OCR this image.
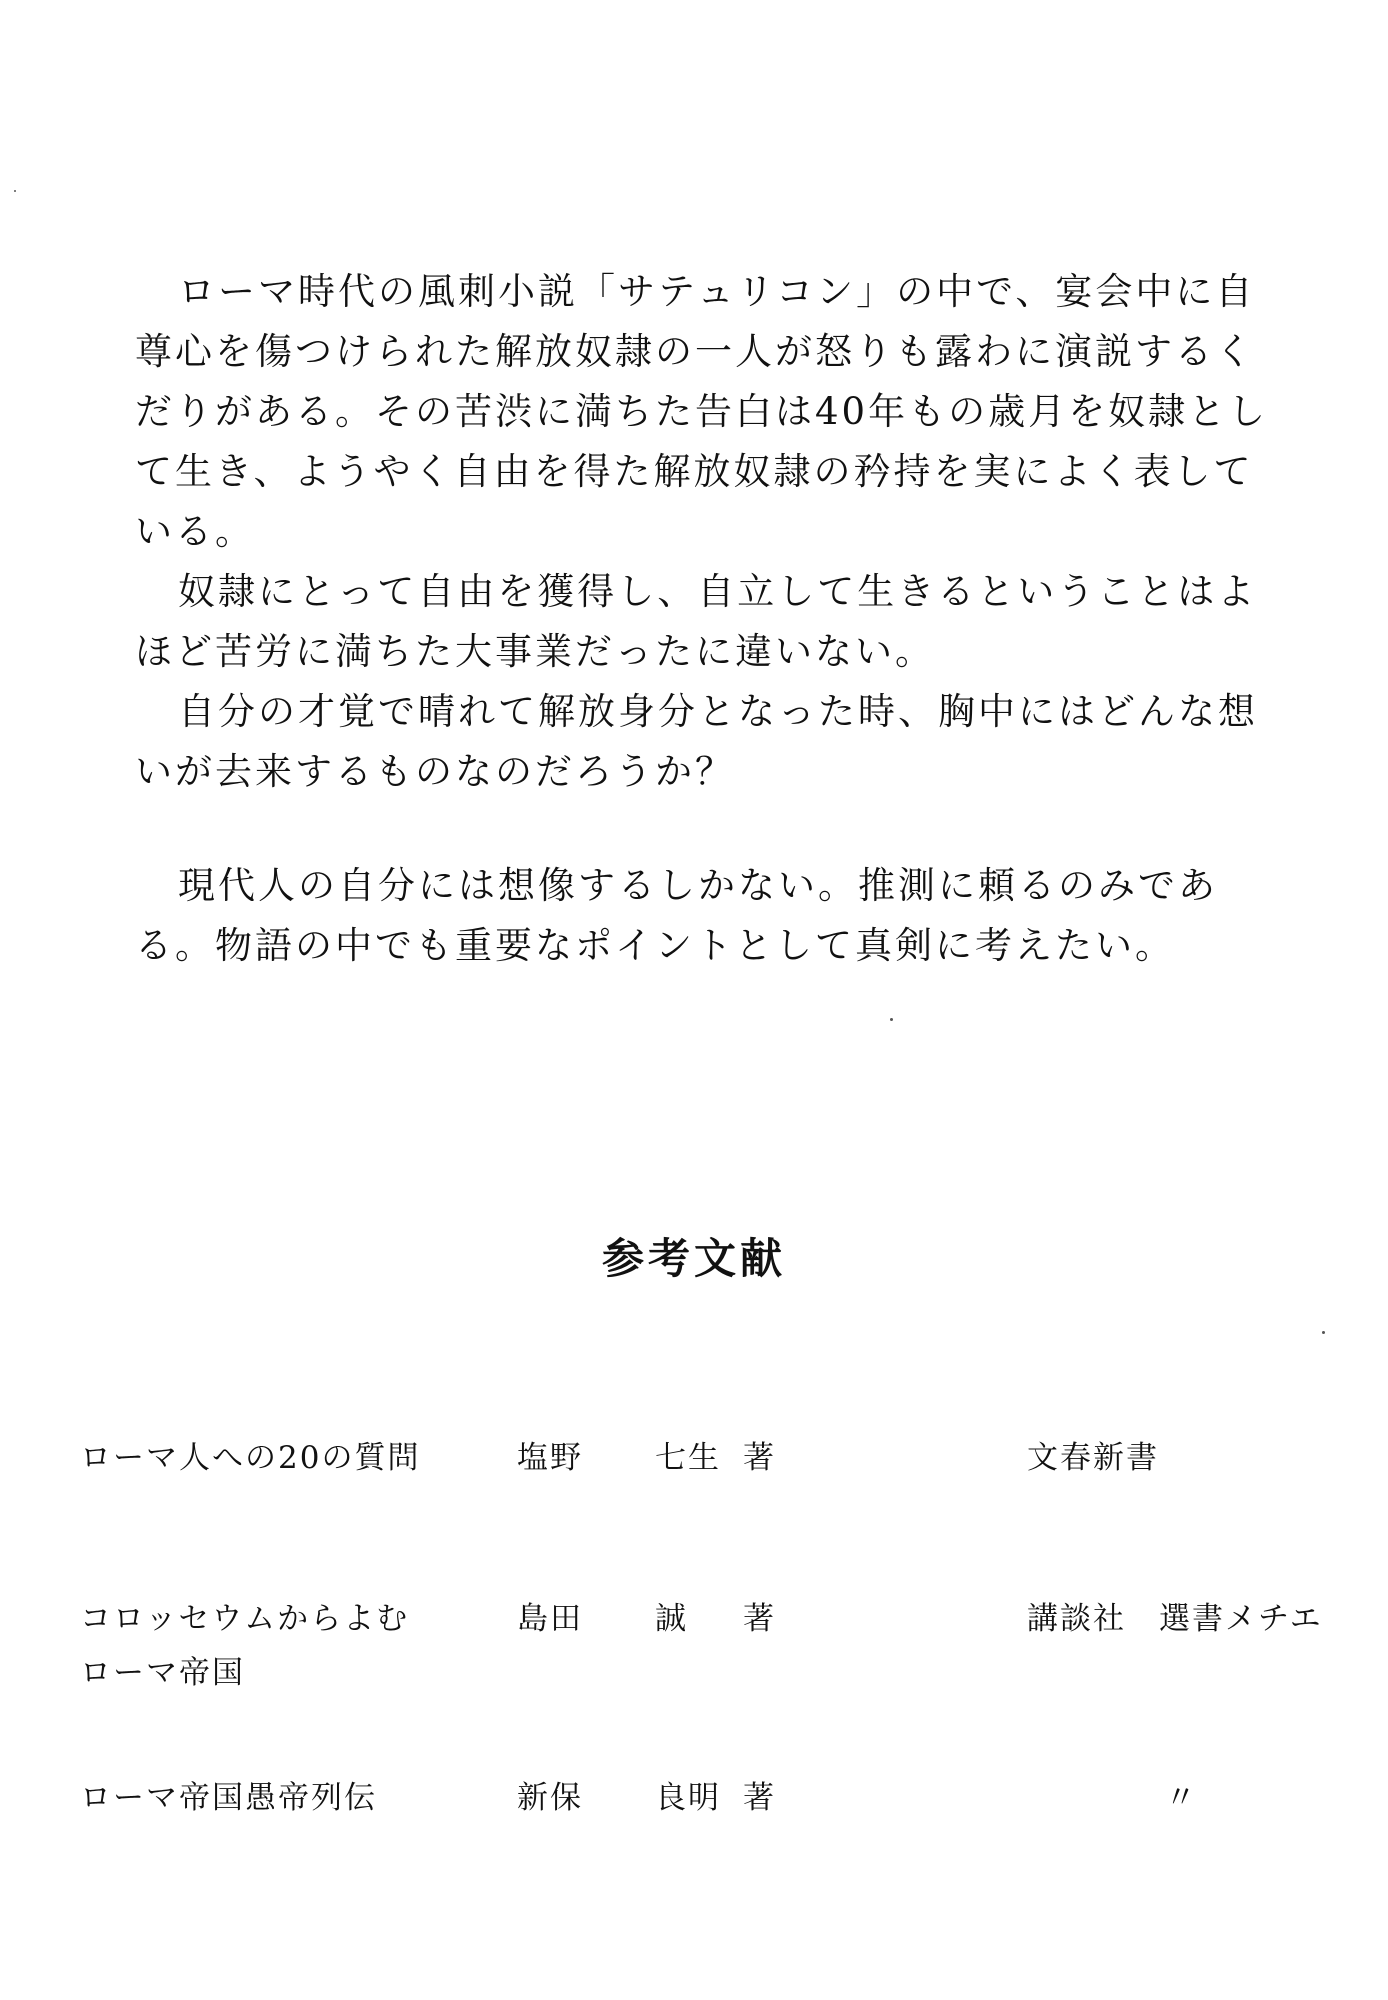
ローマ時代の風刺小説「サテュリコン」の中で、宴会中に自尊心を傷つけられた解放奴隷の一人が怒りも露わに演説するくだりがある。その苦渋に満ちた告白は40年もの歳月を奴隷として生き、ようやく自由を得た解放奴隷の矜持を実によく表している。

奴隷にとって自由を獲得し、自立して生きるということはよほど苦労に満ちた大事業だったに違いない。

自分の才覚で晴れて解放身分となった時、胸中にはどんな想いが去来するものなのだろうか？

現代人の自分には想像するしかない。推測に頼るのみである。物語の中でも重要なポイントとして真剣に考えたい。

参考文献
ローマ人への20の質問	塩野 七生 著	文春新書
コロッセウムからよむ
ローマ帝国
島田 誠 著	講談社　選書メチエ
ローマ帝国愚帝列伝	新保 良明 著	〃
